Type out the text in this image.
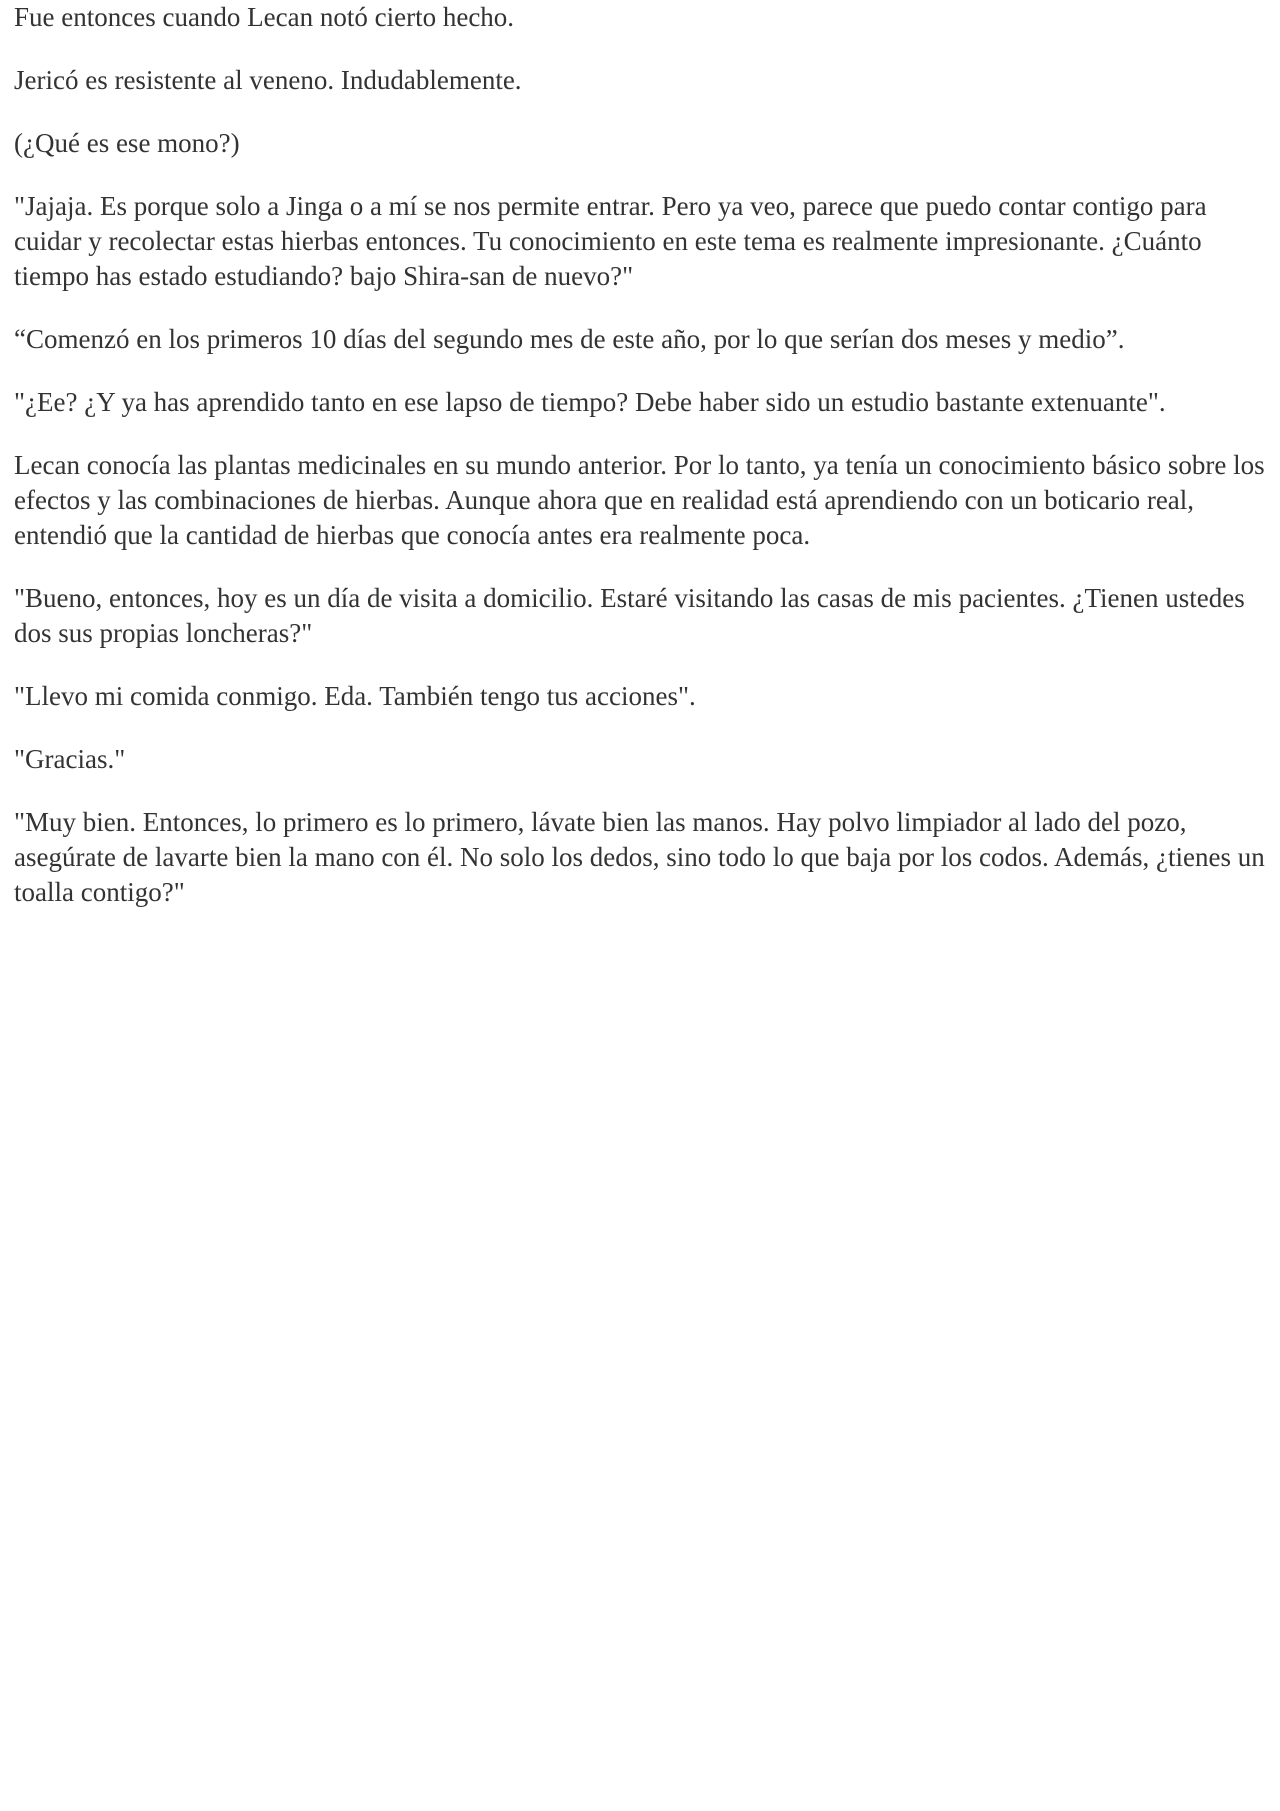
Fue entonces cuando Lecan notó cierto hecho.

Jericó es resistente al veneno. Indudablemente.

(¿Qué es ese mono?)

"Jajaja. Es porque solo a Jinga o a mí se nos permite entrar. Pero ya veo, parece que puedo contar contigo para cuidar y recolectar estas hierbas entonces. Tu conocimiento en este tema es realmente impresionante. ¿Cuánto tiempo has estado estudiando? bajo Shira-san de nuevo?"

“Comenzó en los primeros 10 días del segundo mes de este año, por lo que serían dos meses y medio”.

"¿Ee? ¿Y ya has aprendido tanto en ese lapso de tiempo? Debe haber sido un estudio bastante extenuante".

Lecan conocía las plantas medicinales en su mundo anterior. Por lo tanto, ya tenía un conocimiento básico sobre los efectos y las combinaciones de hierbas. Aunque ahora que en realidad está aprendiendo con un boticario real, entendió que la cantidad de hierbas que conocía antes era realmente poca.

"Bueno, entonces, hoy es un día de visita a domicilio. Estaré visitando las casas de mis pacientes. ¿Tienen ustedes dos sus propias loncheras?"

"Llevo mi comida conmigo. Eda. También tengo tus acciones".

"Gracias."

"Muy bien. Entonces, lo primero es lo primero, lávate bien las manos. Hay polvo limpiador al lado del pozo, asegúrate de lavarte bien la mano con él. No solo los dedos, sino todo lo que baja por los codos. Además, ¿tienes un toalla contigo?"
